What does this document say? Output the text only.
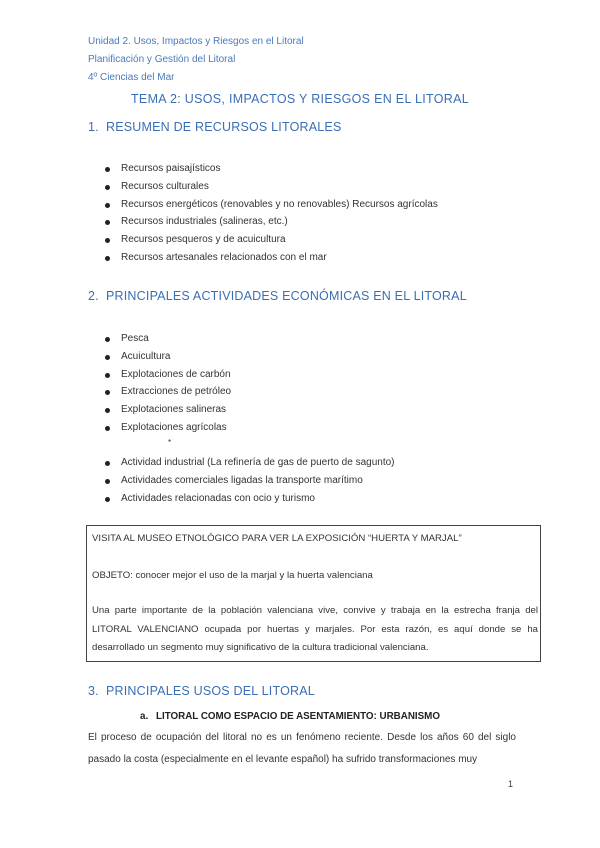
Unidad 2. Usos, Impactos y Riesgos en el Litoral
Planificación y Gestión del Litoral
4º Ciencias del Mar
TEMA 2: USOS, IMPACTOS Y RIESGOS EN EL LITORAL
1. RESUMEN DE RECURSOS LITORALES
Recursos paisajísticos
Recursos culturales
Recursos energéticos (renovables y no renovables) Recursos agrícolas
Recursos industriales (salineras, etc.)
Recursos pesqueros y de acuicultura
Recursos artesanales relacionados con el mar
2. PRINCIPALES ACTIVIDADES ECONÓMICAS EN EL LITORAL
Pesca
Acuicultura
Explotaciones de carbón
Extracciones de petróleo
Explotaciones salineras
Explotaciones agrícolas
*
Actividad industrial (La refinería de gas de puerto de sagunto)
Actividades comerciales ligadas la transporte marítimo
Actividades relacionadas con ocio y turismo

VISITA AL MUSEO ETNOLÓGICO PARA VER LA EXPOSICIÓN “HUERTA Y MARJAL”

OBJETO: conocer mejor el uso de la marjal y la huerta valenciana

Una parte importante de la población valenciana vive, convive y trabaja en la estrecha franja del LITORAL VALENCIANO ocupada por huertas y marjales. Por esta razón, es aquí donde se ha desarrollado un segmento muy significativo de la cultura tradicional valenciana.

3. PRINCIPALES USOS DEL LITORAL
a. LITORAL COMO ESPACIO DE ASENTAMIENTO: URBANISMO
El proceso de ocupación del litoral no es un fenómeno reciente. Desde los años 60 del siglo pasado la costa (especialmente en el levante español) ha sufrido transformaciones muy
1
